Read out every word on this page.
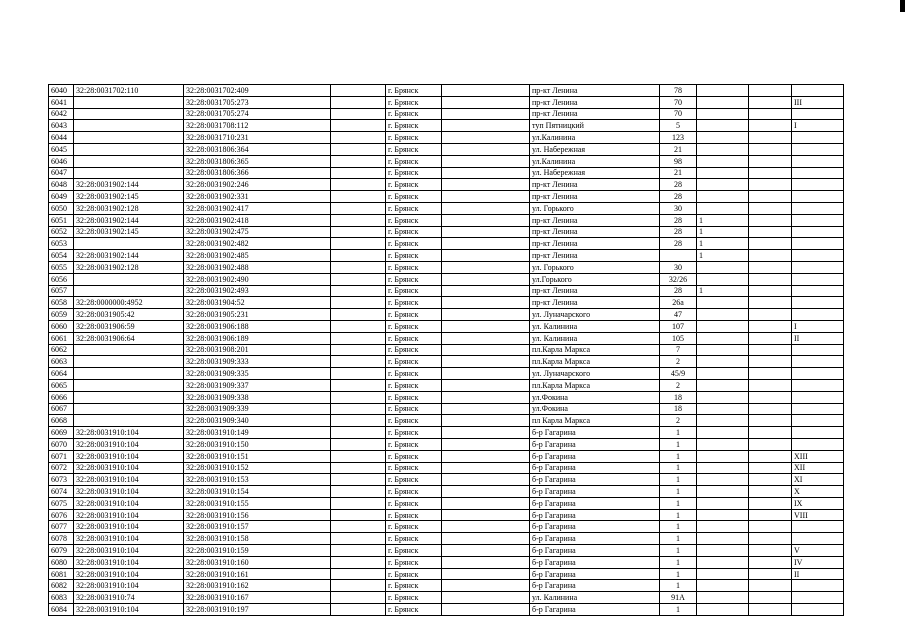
6040	32:28:0031702:110	32:28:0031702:409		г. Брянск		пр-кт Ленина	78			
6041		32:28:0031705:273		г. Брянск		пр-кт Ленина	70			III
6042		32:28:0031705:274		г. Брянск		пр-кт Ленина	70			
6043		32:28:0031708:112		г. Брянск		туп Пятницкий	5			I
6044		32:28:0031710:231		г. Брянск		ул.Калинина	123			
6045		32:28:0031806:364		г. Брянск		ул. Набережная	21			
6046		32:28:0031806:365		г. Брянск		ул.Калинина	98			
6047		32:28:0031806:366		г. Брянск		ул. Набережная	21			
6048	32:28:0031902:144	32:28:0031902:246		г. Брянск		пр-кт Ленина	28			
6049	32:28:0031902:145	32:28:0031902:331		г. Брянск		пр-кт Ленина	28			
6050	32:28:0031902:128	32:28:0031902:417		г. Брянск		ул. Горького	30			
6051	32:28:0031902:144	32:28:0031902:418		г. Брянск		пр-кт Ленина	28	1		
6052	32:28:0031902:145	32:28:0031902:475		г. Брянск		пр-кт Ленина	28	1		
6053		32:28:0031902:482		г. Брянск		пр-кт Ленина	28	1		
6054	32:28:0031902:144	32:28:0031902:485		г. Брянск		пр-кт Ленина		1		
6055	32:28:0031902:128	32:28:0031902:488		г. Брянск		ул. Горького	30			
6056		32:28:0031902:490		г. Брянск		ул.Горького	32/26			
6057		32:28:0031902:493		г. Брянск		пр-кт Ленина	28	1		
6058	32:28:0000000:4952	32:28:0031904:52		г. Брянск		пр-кт Ленина	26а			
6059	32:28:0031905:42	32:28:0031905:231		г. Брянск		ул. Луначарского	47			
6060	32:28:0031906:59	32:28:0031906:188		г. Брянск		ул. Калинина	107			I
6061	32:28:0031906:64	32:28:0031906:189		г. Брянск		ул. Калинина	105			II
6062		32:28:0031908:201		г. Брянск		пл.Карла Маркса	7			
6063		32:28:0031909:333		г. Брянск		пл.Карла Маркса	2			
6064		32:28:0031909:335		г. Брянск		ул. Луначарского	45/9			
6065		32:28:0031909:337		г. Брянск		пл.Карла Маркса	2			
6066		32:28:0031909:338		г. Брянск		ул.Фокина	18			
6067		32:28:0031909:339		г. Брянск		ул.Фокина	18			
6068		32:28:0031909:340		г. Брянск		пл Карла Маркса	2			
6069	32:28:0031910:104	32:28:0031910:149		г. Брянск		б-р Гагарина	1			
6070	32:28:0031910:104	32:28:0031910:150		г. Брянск		б-р Гагарина	1			
6071	32:28:0031910:104	32:28:0031910:151		г. Брянск		б-р Гагарина	1			XIII
6072	32:28:0031910:104	32:28:0031910:152		г. Брянск		б-р Гагарина	1			XII
6073	32:28:0031910:104	32:28:0031910:153		г. Брянск		б-р Гагарина	1			XI
6074	32:28:0031910:104	32:28:0031910:154		г. Брянск		б-р Гагарина	1			X
6075	32:28:0031910:104	32:28:0031910:155		г. Брянск		б-р Гагарина	1			IX
6076	32:28:0031910:104	32:28:0031910:156		г. Брянск		б-р Гагарина	1			VIII
6077	32:28:0031910:104	32:28:0031910:157		г. Брянск		б-р Гагарина	1			
6078	32:28:0031910:104	32:28:0031910:158		г. Брянск		б-р Гагарина	1			
6079	32:28:0031910:104	32:28:0031910:159		г. Брянск		б-р Гагарина	1			V
6080	32:28:0031910:104	32:28:0031910:160		г. Брянск		б-р Гагарина	1			IV
6081	32:28:0031910:104	32:28:0031910:161		г. Брянск		б-р Гагарина	1			II
6082	32:28:0031910:104	32:28:0031910:162		г. Брянск		б-р Гагарина	1			
6083	32:28:0031910:74	32:28:0031910:167		г. Брянск		ул. Калинина	91А			
6084	32:28:0031910:104	32:28:0031910:197		г. Брянск		б-р Гагарина	1			
